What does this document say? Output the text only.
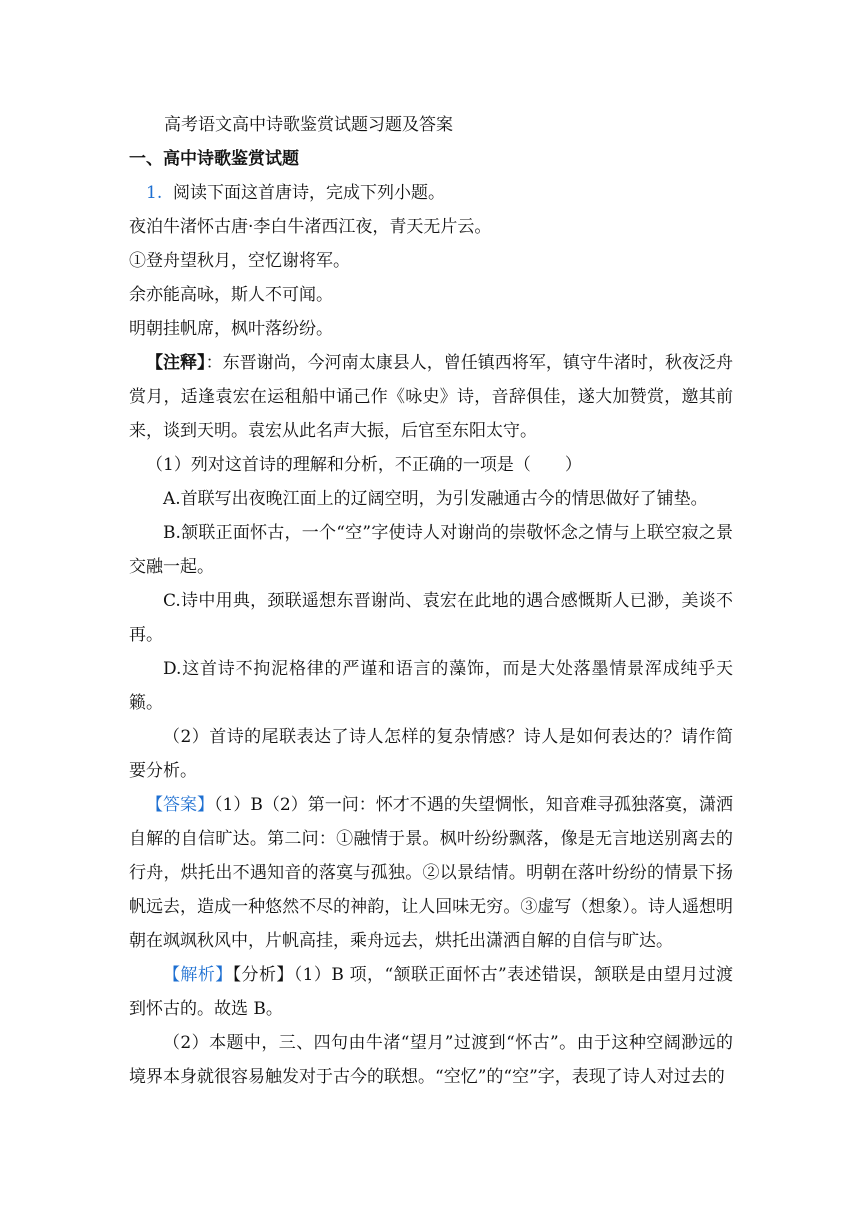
高考语文高中诗歌鉴赏试题习题及答案

一、高中诗歌鉴赏试题

1. 阅读下面这首唐诗，完成下列小题。

夜泊牛渚怀古唐·李白牛渚西江夜，青天无片云。

①登舟望秋月，空忆谢将军。

余亦能高咏，斯人不可闻。

明朝挂帆席，枫叶落纷纷。

【注释】：东晋谢尚，今河南太康县人，曾任镇西将军，镇守牛渚时，秋夜泛舟赏月，适逢袁宏在运租船中诵己作《咏史》诗，音辞俱佳，遂大加赞赏，邀其前来，谈到天明。袁宏从此名声大振，后官至东阳太守。

（1）列对这首诗的理解和分析，不正确的一项是（　　）

A.首联写出夜晚江面上的辽阔空明，为引发融通古今的情思做好了铺垫。

B.颔联正面怀古，一个“空”字使诗人对谢尚的崇敬怀念之情与上联空寂之景交融一起。

C.诗中用典，颈联遥想东晋谢尚、袁宏在此地的遇合感慨斯人已渺，美谈不再。

D.这首诗不拘泥格律的严谨和语言的藻饰，而是大处落墨情景浑成纯乎天籁。

（2）首诗的尾联表达了诗人怎样的复杂情感？诗人是如何表达的？请作简要分析。

【答案】（1）B（2）第一问：怀才不遇的失望惆怅，知音难寻孤独落寞，潇洒自解的自信旷达。第二问：①融情于景。枫叶纷纷飘落，像是无言地送别离去的行舟，烘托出不遇知音的落寞与孤独。②以景结情。明朝在落叶纷纷的情景下扬帆远去，造成一种悠然不尽的神韵，让人回味无穷。③虚写（想象）。诗人遥想明朝在飒飒秋风中，片帆高挂，乘舟远去，烘托出潇洒自解的自信与旷达。

【解析】【分析】（1）B 项，“颔联正面怀古”表述错误，颔联是由望月过渡到怀古的。故选 B。

（2）本题中，三、四句由牛渚“望月”过渡到“怀古”。由于这种空阔渺远的境界本身就很容易触发对于古今的联想。“空忆”的“空”字，表现了诗人对过去的
